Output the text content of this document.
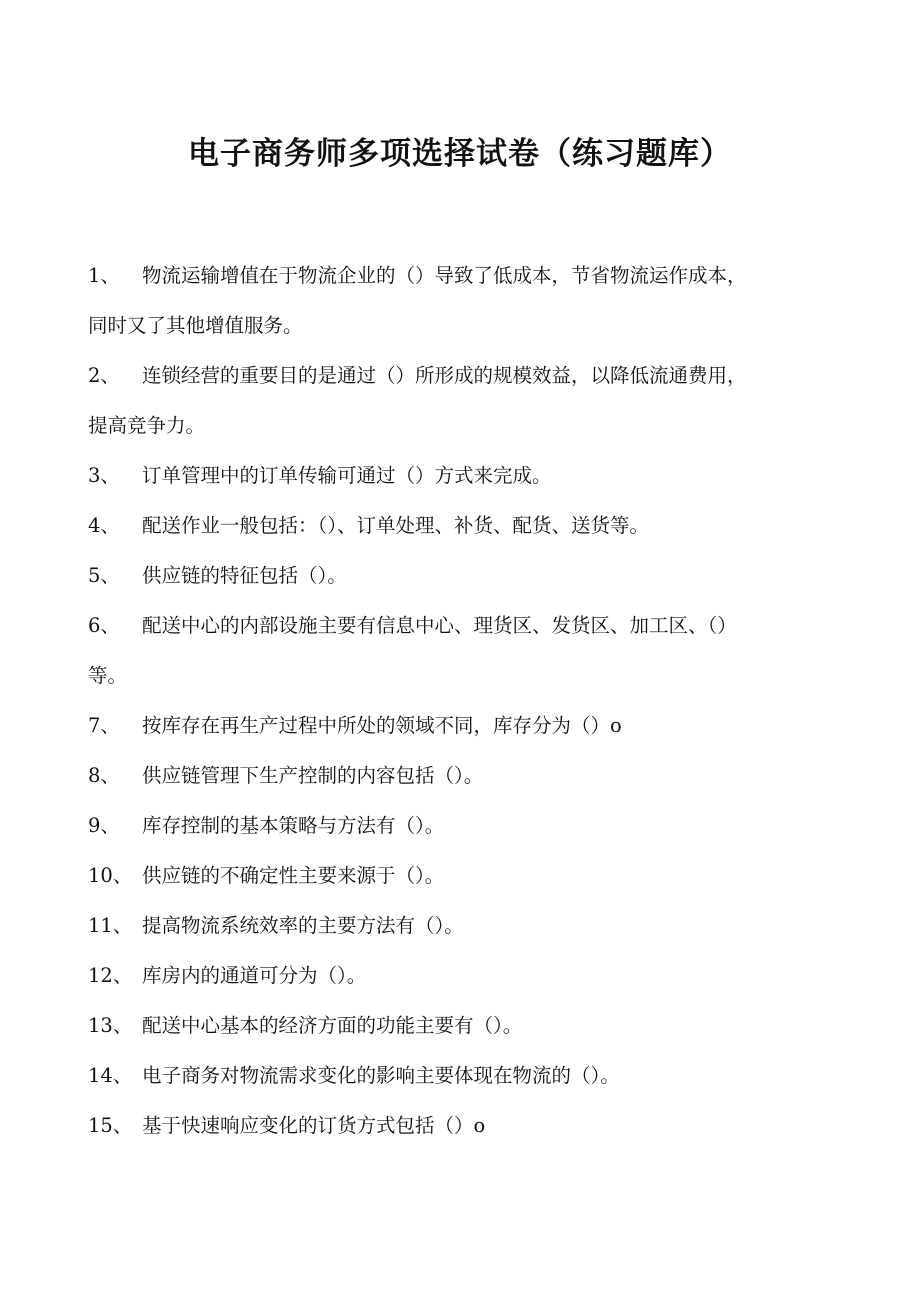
电子商务师多项选择试卷（练习题库）
1、 物流运输增值在于物流企业的（）导致了低成本，节省物流运作成本，
同时又了其他增值服务。
2、 连锁经营的重要目的是通过（）所形成的规模效益，以降低流通费用，
提高竞争力。
3、 订单管理中的订单传输可通过（）方式来完成。
4、 配送作业一般包括：（）、订单处理、补货、配货、送货等。
5、 供应链的特征包括（）。
6、 配送中心的内部设施主要有信息中心、理货区、发货区、加工区、（）
等。
7、 按库存在再生产过程中所处的领域不同，库存分为（）o
8、 供应链管理下生产控制的内容包括（）。
9、 库存控制的基本策略与方法有（）。
10、 供应链的不确定性主要来源于（）。
11、 提高物流系统效率的主要方法有（）。
12、 库房内的通道可分为（）。
13、 配送中心基本的经济方面的功能主要有（）。
14、 电子商务对物流需求变化的影响主要体现在物流的（）。
15、 基于快速响应变化的订货方式包括（）o
